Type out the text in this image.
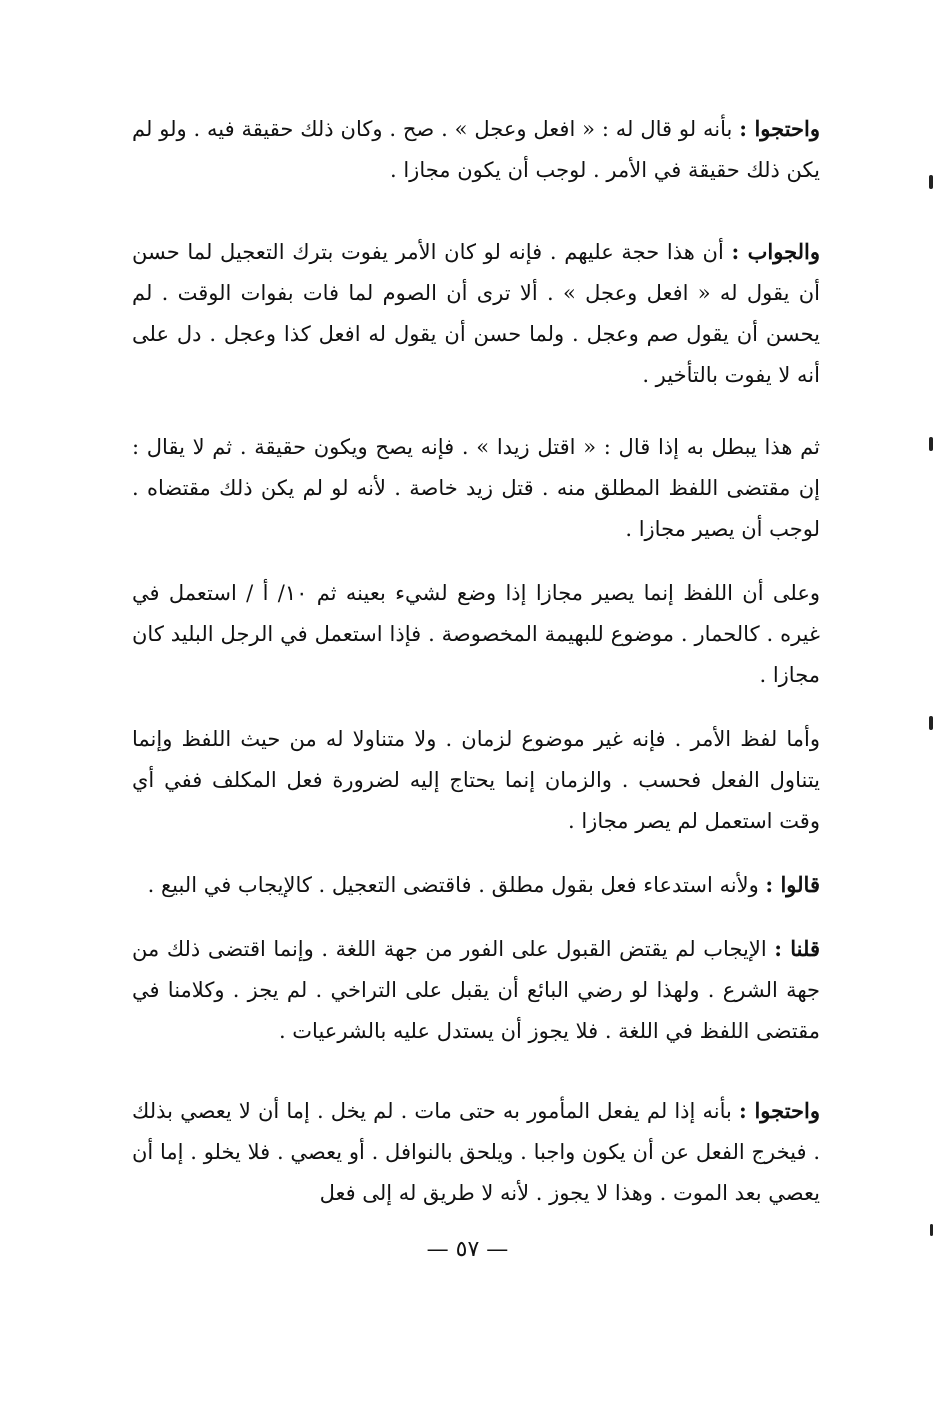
واحتجوا : بأنه لو قال له : « افعل وعجل » . صح . وكان ذلك حقيقة فيه . ولو لم يكن ذلك حقيقة في الأمر . لوجب أن يكون مجازا .

والجواب : أن هذا حجة عليهم . فإنه لو كان الأمر يفوت بترك التعجيل لما حسن أن يقول له « افعل وعجل » . ألا ترى أن الصوم لما فات بفوات الوقت . لم يحسن أن يقول صم وعجل . ولما حسن أن يقول له افعل كذا وعجل . دل على أنه لا يفوت بالتأخير .

ثم هذا يبطل به إذا قال : « اقتل زيدا » . فإنه يصح ويكون حقيقة . ثم لا يقال : إن مقتضى اللفظ المطلق منه . قتل زيد خاصة . لأنه لو لم يكن ذلك مقتضاه . لوجب أن يصير مجازا .

وعلى أن اللفظ إنما يصير مجازا إذا وضع لشيء بعينه ثم ١٠/ أ / استعمل في غيره . كالحمار . موضوع للبهيمة المخصوصة . فإذا استعمل في الرجل البليد كان مجازا .

وأما لفظ الأمر . فإنه غير موضوع لزمان . ولا متناولا له من حيث اللفظ وإنما يتناول الفعل فحسب . والزمان إنما يحتاج إليه لضرورة فعل المكلف ففي أي وقت استعمل لم يصر مجازا .

قالوا : ولأنه استدعاء فعل بقول مطلق . فاقتضى التعجيل . كالإيجاب في البيع .

قلنا : الإيجاب لم يقتض القبول على الفور من جهة اللغة . وإنما اقتضى ذلك من جهة الشرع . ولهذا لو رضي البائع أن يقبل على التراخي . لم يجز . وكلامنا في مقتضى اللفظ في اللغة . فلا يجوز أن يستدل عليه بالشرعيات .

واحتجوا : بأنه إذا لم يفعل المأمور به حتى مات . لم يخل . إما أن لا يعصي بذلك . فيخرج الفعل عن أن يكون واجبا . ويلحق بالنوافل . أو يعصي . فلا يخلو . إما أن يعصي بعد الموت . وهذا لا يجوز . لأنه لا طريق له إلى فعل

— ٥٧ —
